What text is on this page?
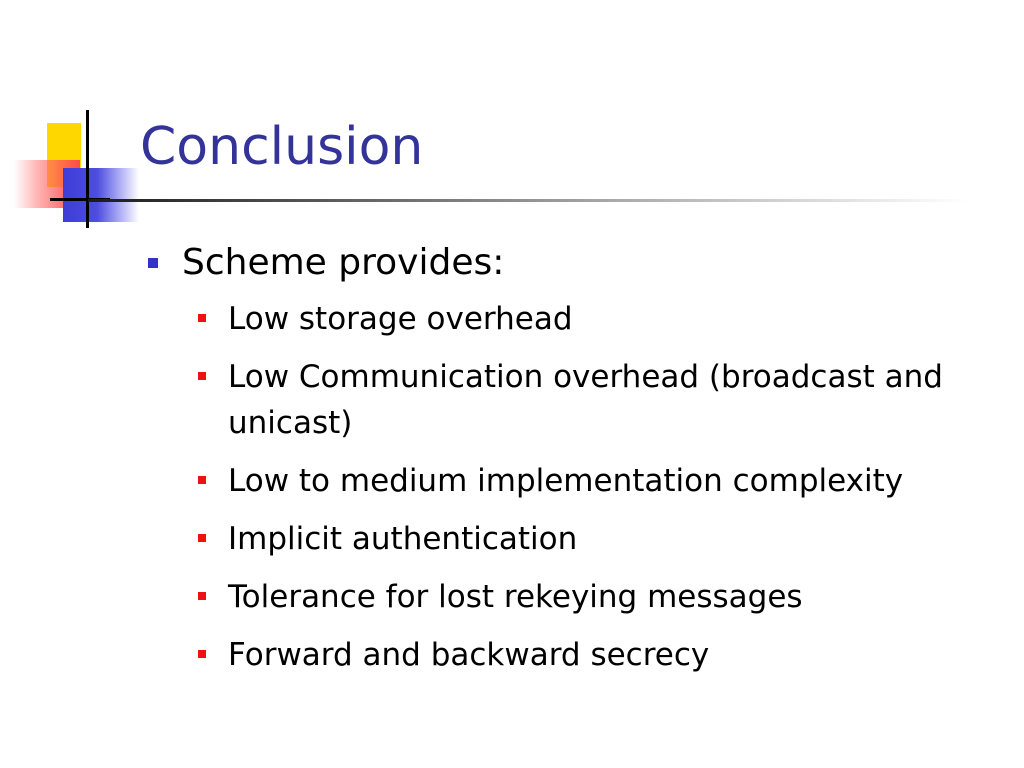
Conclusion
Scheme provides:
Low storage overhead
Low Communication overhead (broadcast and unicast)
Low to medium implementation complexity
Implicit authentication
Tolerance for lost rekeying messages
Forward and backward secrecy
